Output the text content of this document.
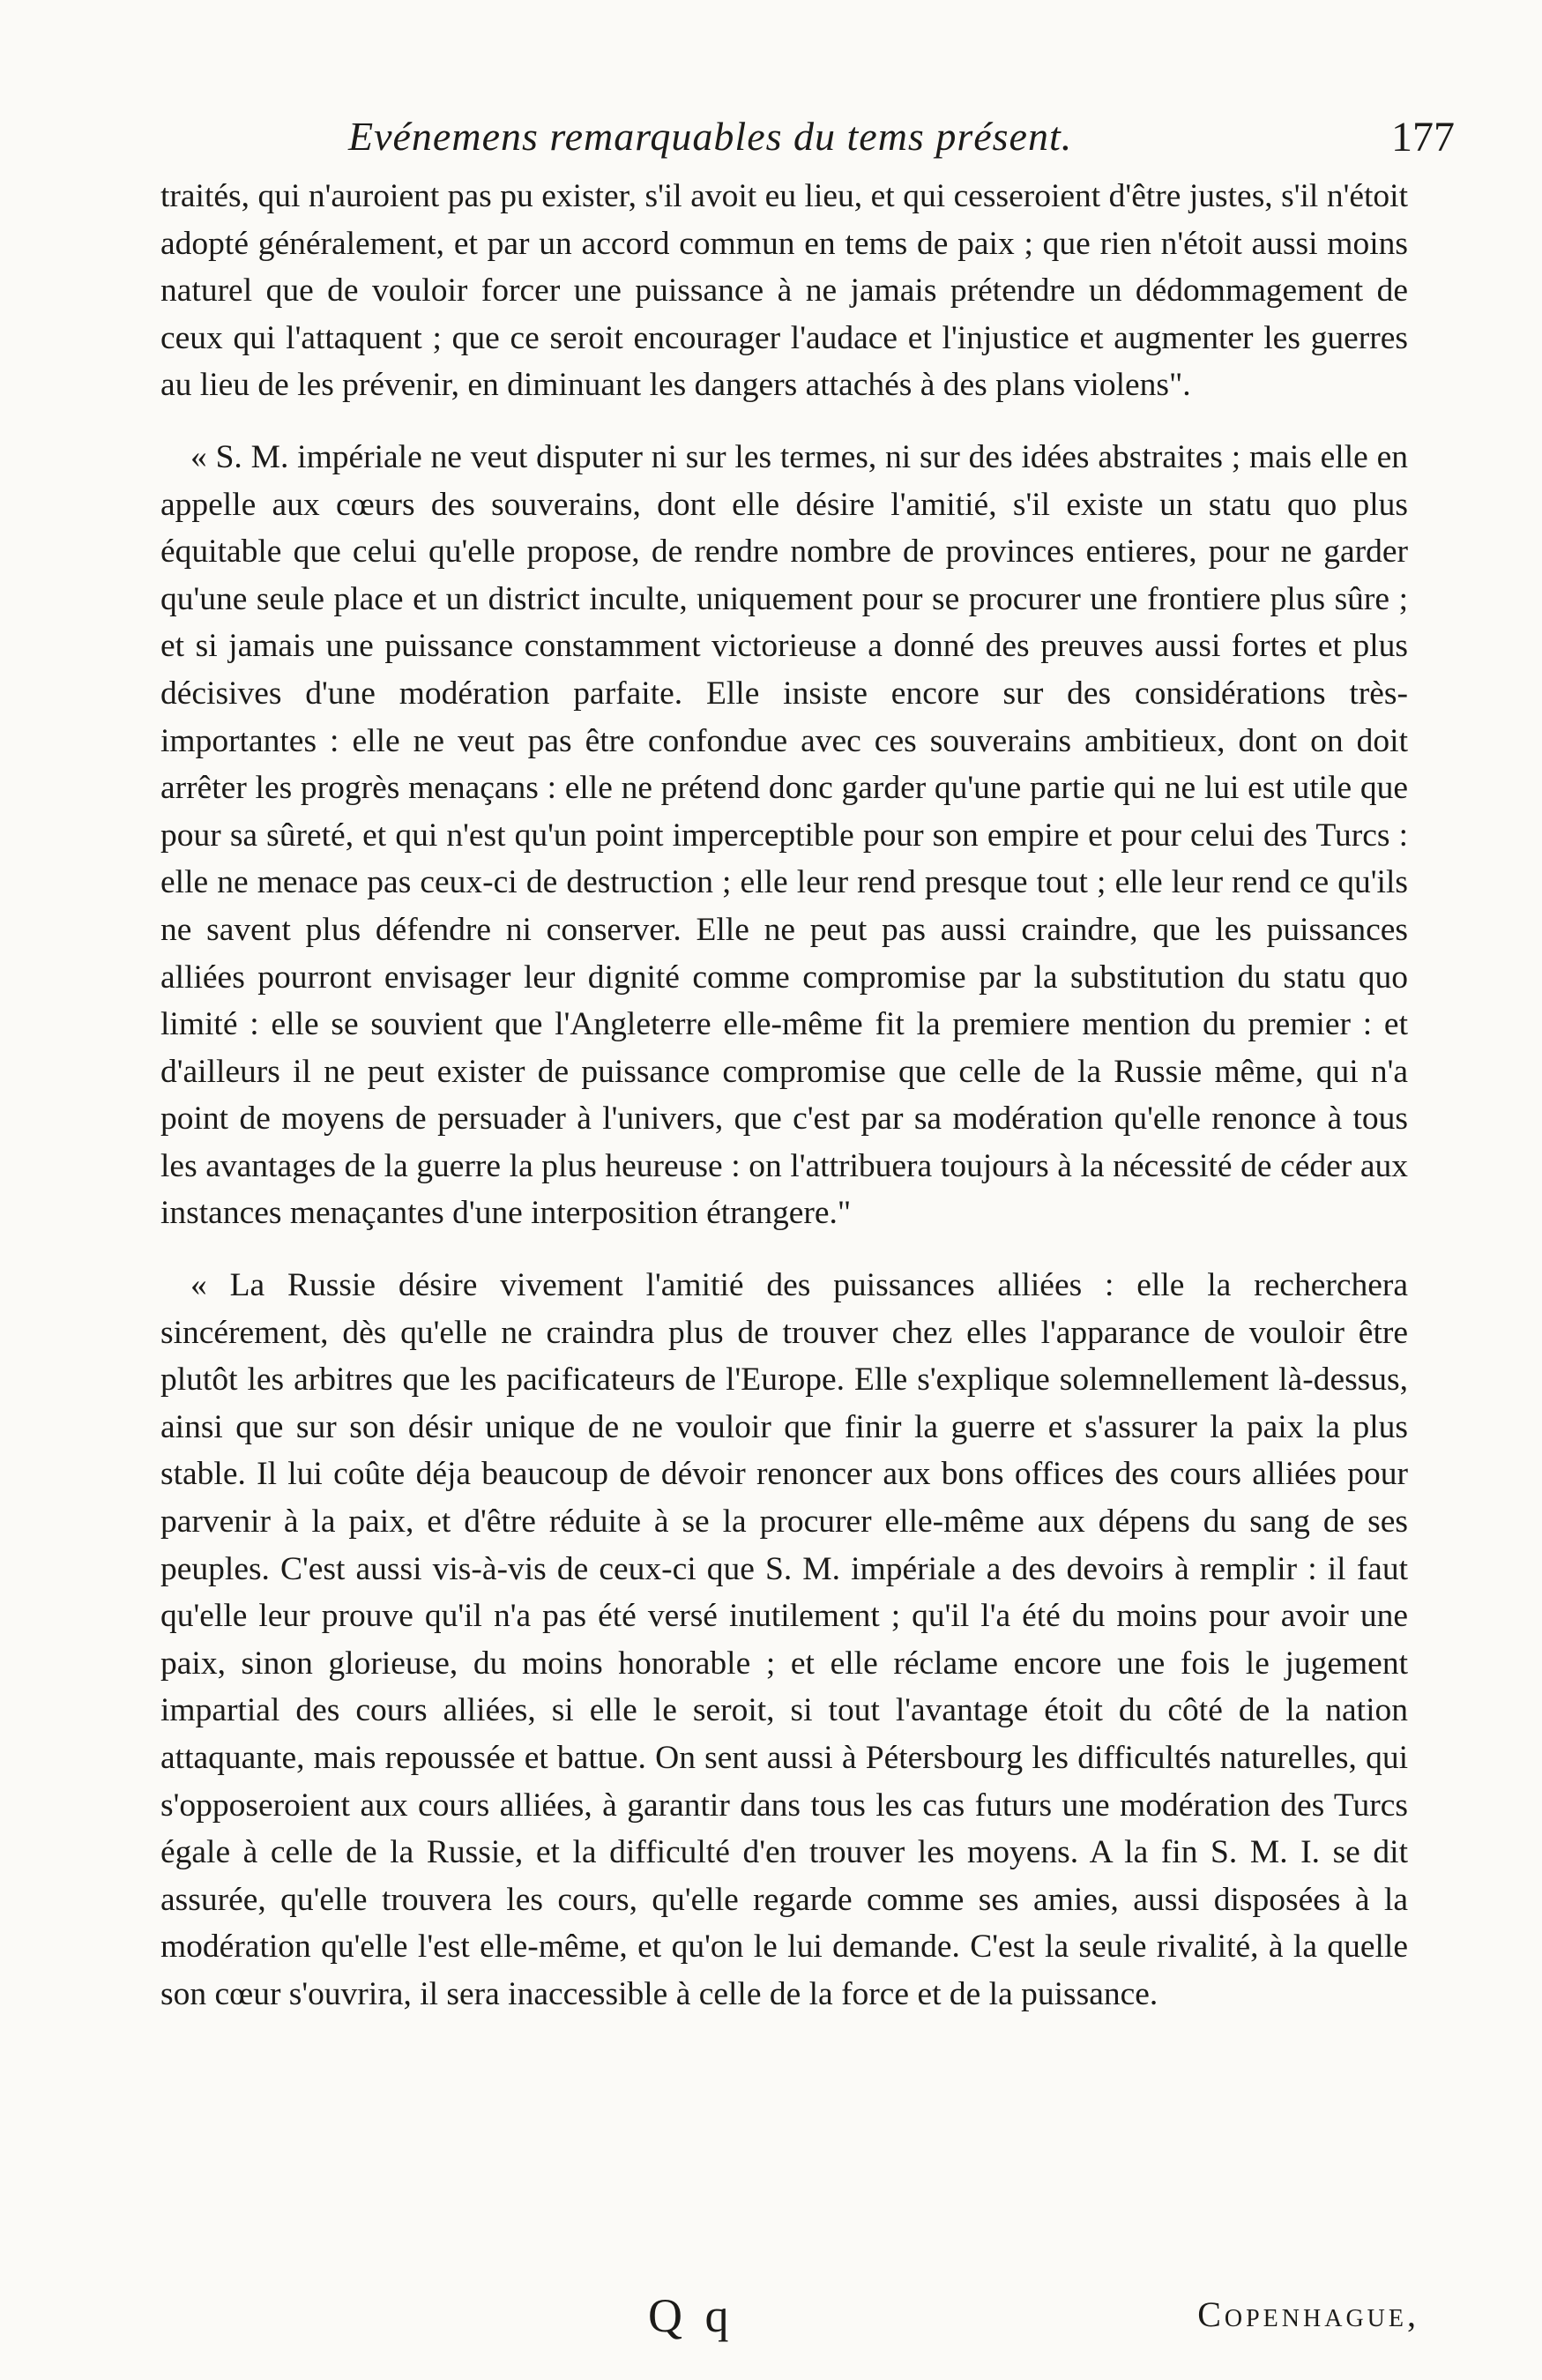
Evénemens remarquables du tems présent.	177

traités, qui n'auroient pas pu exister, s'il avoit eu lieu, et qui cesseroient d'être justes, s'il n'étoit adopté généralement, et par un accord commun en tems de paix ; que rien n'étoit aussi moins naturel que de vouloir forcer une puissance à ne jamais prétendre un dédommagement de ceux qui l'attaquent ; que ce seroit encourager l'audace et l'injustice et augmenter les guerres au lieu de les prévenir, en diminuant les dangers attachés à des plans violens".

« S. M. impériale ne veut disputer ni sur les termes, ni sur des idées abstraites ; mais elle en appelle aux cœurs des souverains, dont elle désire l'amitié, s'il existe un statu quo plus équitable que celui qu'elle propose, de rendre nombre de provinces entieres, pour ne garder qu'une seule place et un district inculte, uniquement pour se procurer une frontiere plus sûre ; et si jamais une puissance constamment victorieuse a donné des preuves aussi fortes et plus décisives d'une modération parfaite. Elle insiste encore sur des considérations très-importantes : elle ne veut pas être confondue avec ces souverains ambitieux, dont on doit arrêter les progrès menaçans : elle ne prétend donc garder qu'une partie qui ne lui est utile que pour sa sûreté, et qui n'est qu'un point imperceptible pour son empire et pour celui des Turcs : elle ne menace pas ceux-ci de destruction ; elle leur rend presque tout ; elle leur rend ce qu'ils ne savent plus défendre ni conserver. Elle ne peut pas aussi craindre, que les puissances alliées pourront envisager leur dignité comme compromise par la substitution du statu quo limité : elle se souvient que l'Angleterre elle-même fit la premiere mention du premier : et d'ailleurs il ne peut exister de puissance compromise que celle de la Russie même, qui n'a point de moyens de persuader à l'univers, que c'est par sa modération qu'elle renonce à tous les avantages de la guerre la plus heureuse : on l'attribuera toujours à la nécessité de céder aux instances menaçantes d'une interposition étrangere."

« La Russie désire vivement l'amitié des puissances alliées : elle la recherchera sincérement, dès qu'elle ne craindra plus de trouver chez elles l'apparance de vouloir être plutôt les arbitres que les pacificateurs de l'Europe. Elle s'explique solemnellement là-dessus, ainsi que sur son désir unique de ne vouloir que finir la guerre et s'assurer la paix la plus stable. Il lui coûte déja beaucoup de dévoir renoncer aux bons offices des cours alliées pour parvenir à la paix, et d'être réduite à se la procurer elle-même aux dépens du sang de ses peuples. C'est aussi vis-à-vis de ceux-ci que S. M. impériale a des devoirs à remplir : il faut qu'elle leur prouve qu'il n'a pas été versé inutilement ; qu'il l'a été du moins pour avoir une paix, sinon glorieuse, du moins honorable ; et elle réclame encore une fois le jugement impartial des cours alliées, si elle le seroit, si tout l'avantage étoit du côté de la nation attaquante, mais repoussée et battue. On sent aussi à Pétersbourg les difficultés naturelles, qui s'opposeroient aux cours alliées, à garantir dans tous les cas futurs une modération des Turcs égale à celle de la Russie, et la difficulté d'en trouver les moyens. A la fin S. M. I. se dit assurée, qu'elle trouvera les cours, qu'elle regarde comme ses amies, aussi disposées à la modération qu'elle l'est elle-même, et qu'on le lui demande. C'est la seule rivalité, à la quelle son cœur s'ouvrira, il sera inaccessible à celle de la force et de la puissance.

Q q	Copenhague,
